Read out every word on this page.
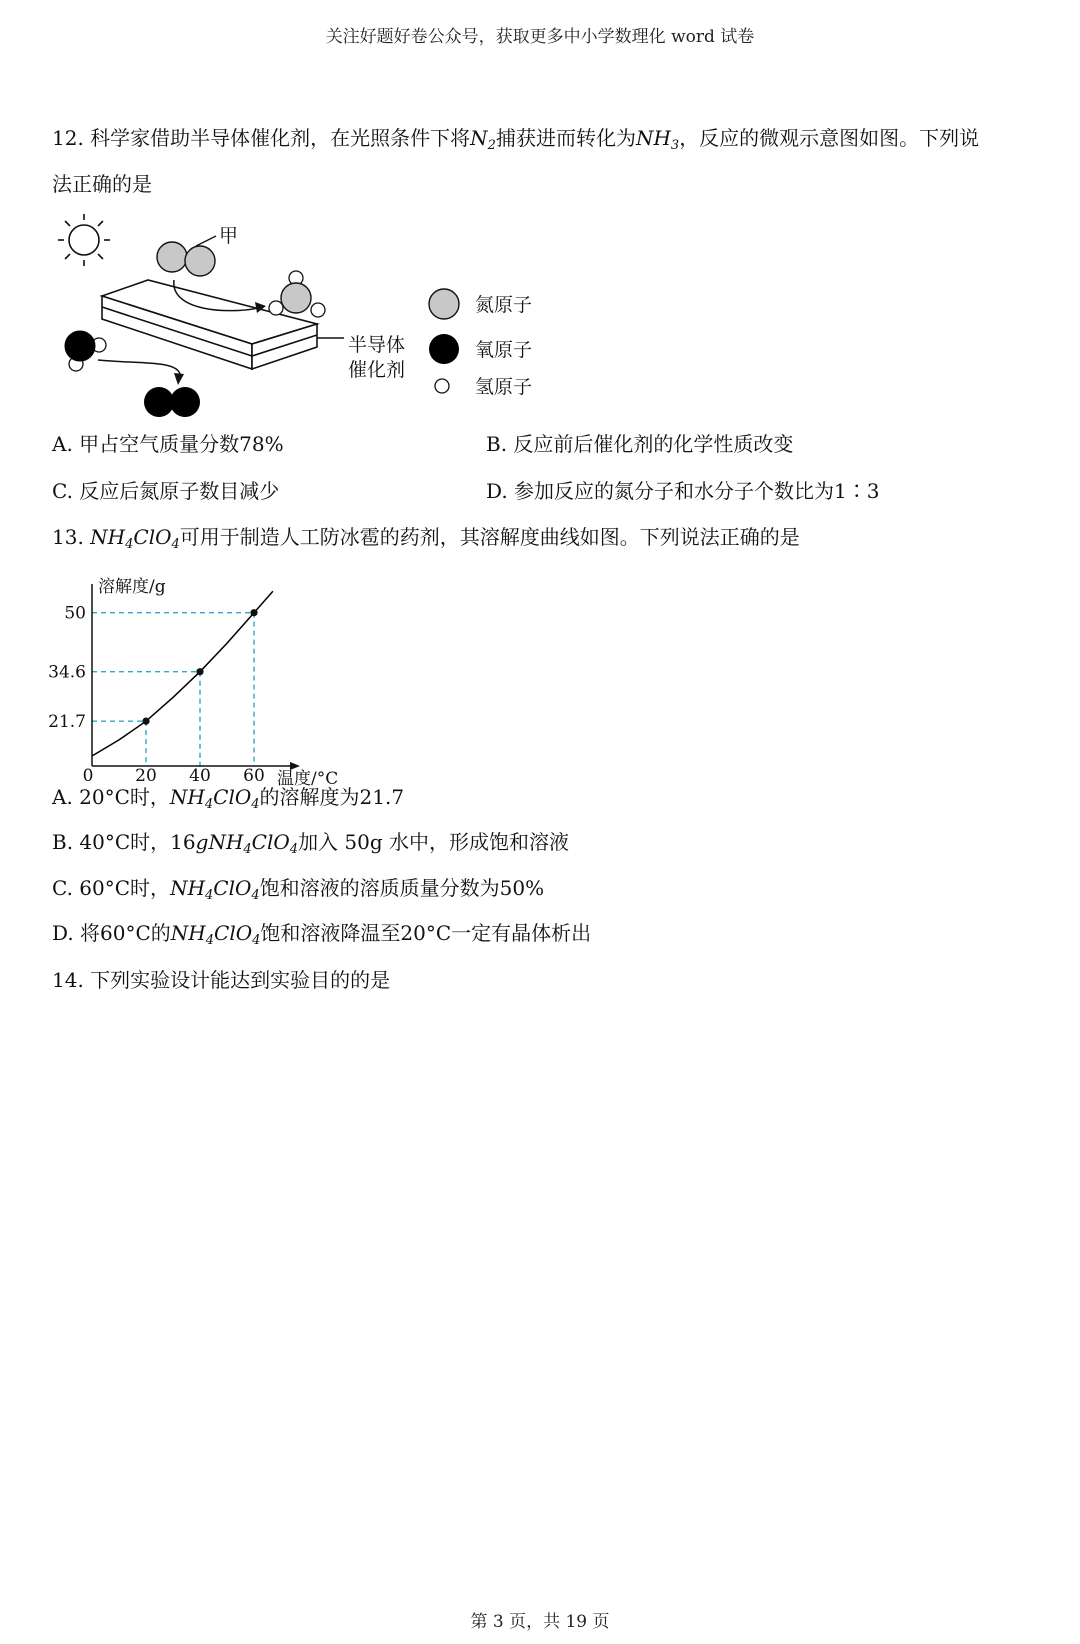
关注好题好卷公众号，获取更多中小学数理化 word 试卷
12. 科学家借助半导体催化剂，在光照条件下将$N_2$捕获进而转化为$NH_3$，反应的微观示意图如图。下列说
法正确的是
半导体
催化剂
甲
氮原子
氧原子
氢原子
A. 甲占空气质量分数78%	B. 反应前后催化剂的化学性质改变
C. 反应后氮原子数目减少	D. 参加反应的氮分子和水分子个数比为1∶3
13. $NH_4ClO_4$可用于制造人工防冰雹的药剂，其溶解度曲线如图。下列说法正确的是
溶解度/g
温度/°C
0 20
21.7
40
34.6
60
50
A. 20°C时，$NH_4ClO_4$的溶解度为21.7
B. 40°C时，16gNH$_4$ClO$_4$加入 50g 水中，形成饱和溶液
C. 60°C时，$NH_4ClO_4$饱和溶液的溶质质量分数为50%
D. 将60°C的$NH_4ClO_4$饱和溶液降温至20°C一定有晶体析出
14. 下列实验设计能达到实验目的的是
第 3 页，共 19 页
